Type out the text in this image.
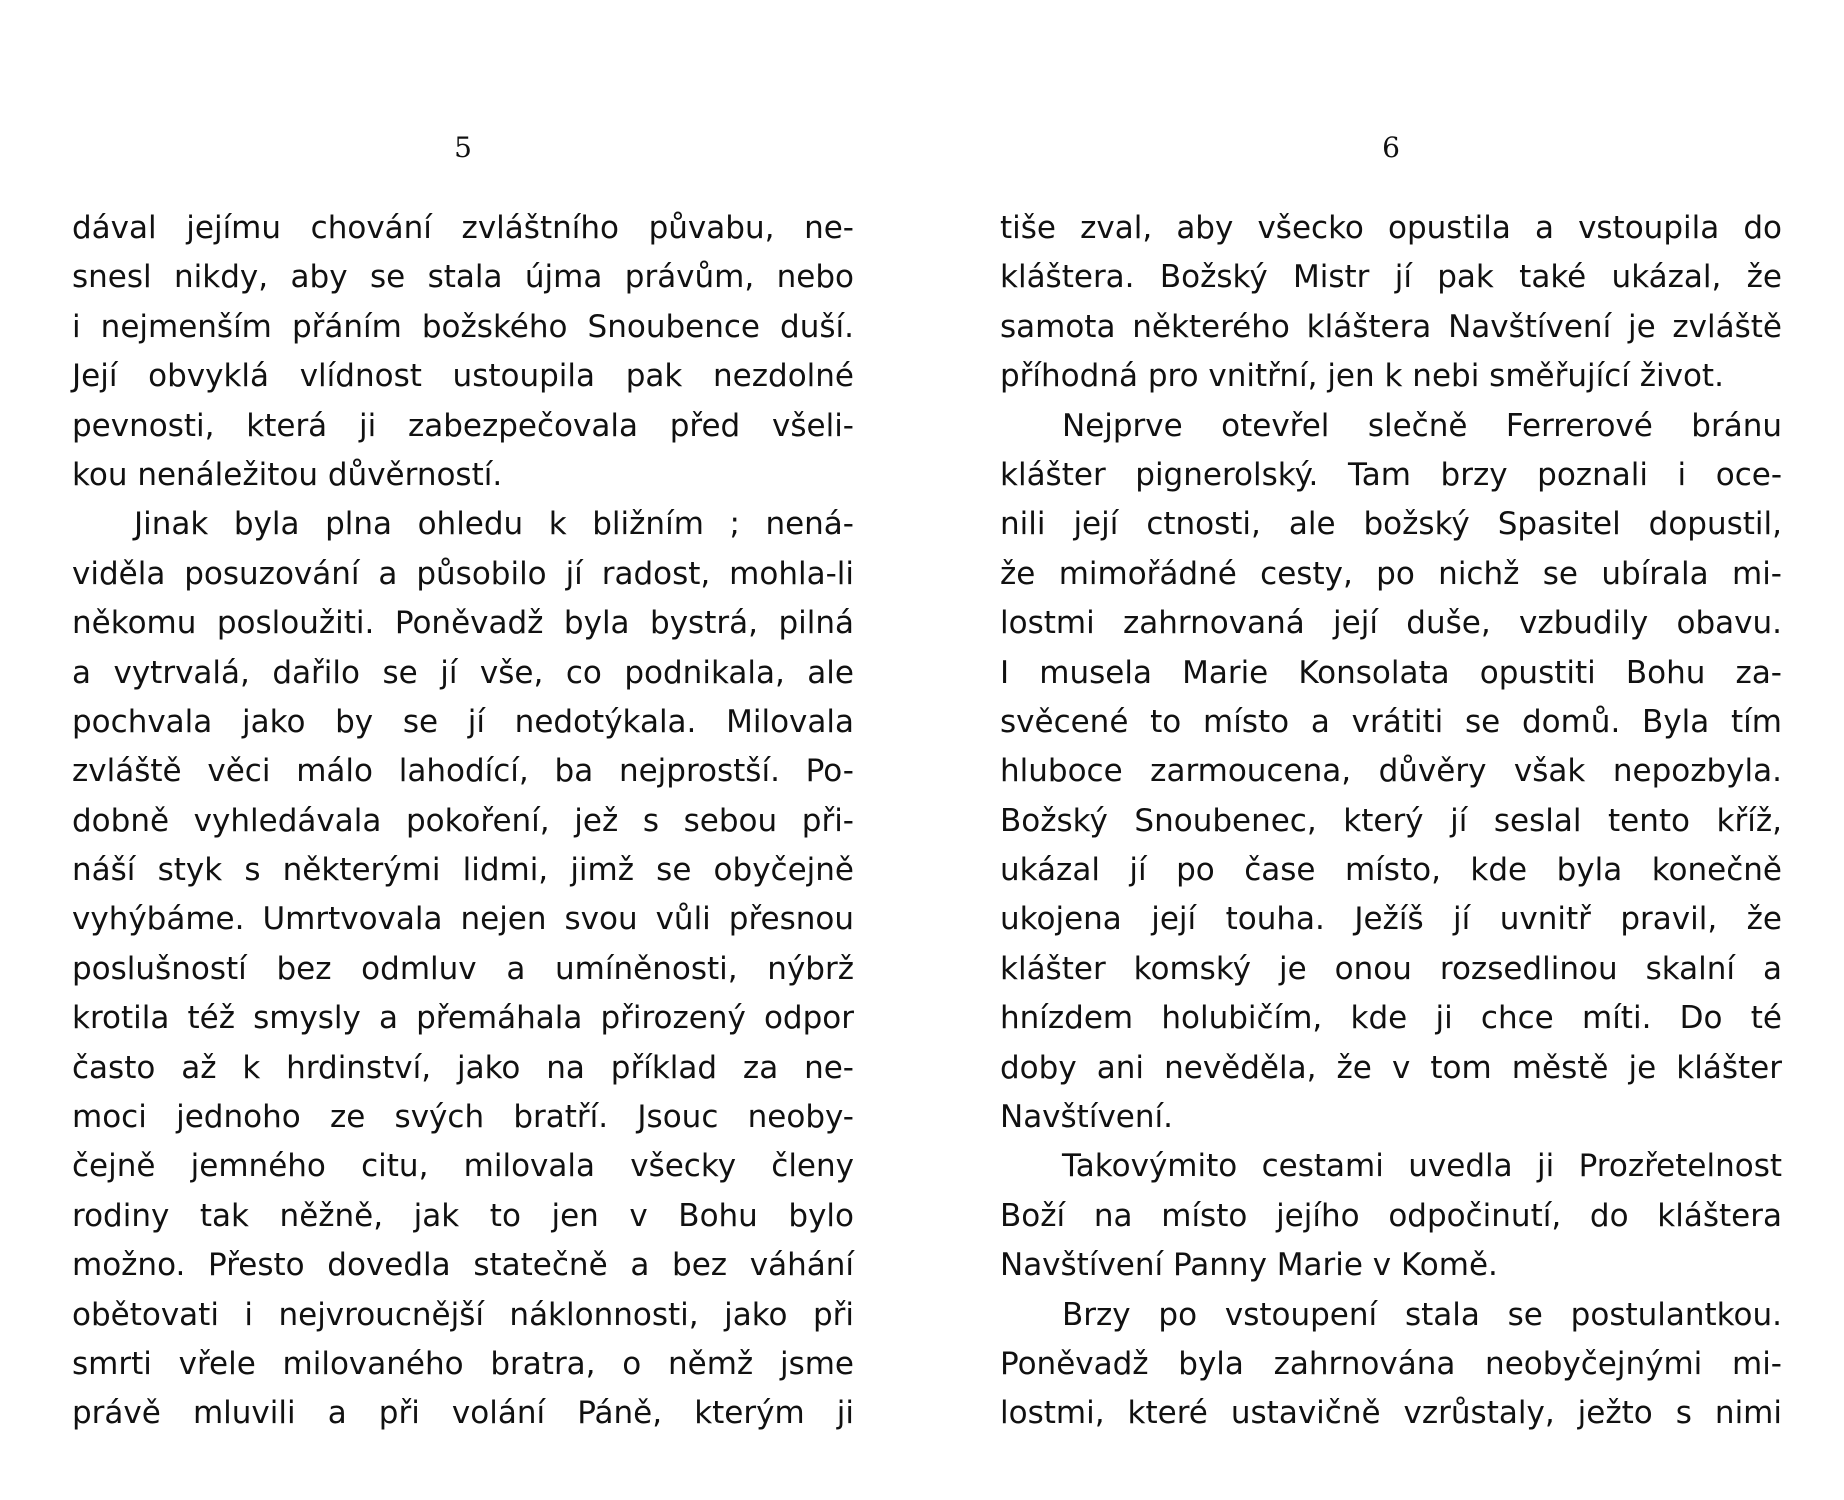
5
dával jejímu chování zvláštního půvabu, ne-
snesl nikdy, aby se stala újma právům, nebo
i nejmenším přáním božského Snoubence duší.
Její obvyklá vlídnost ustoupila pak nezdolné
pevnosti, která ji zabezpečovala před všeli-
kou nenáležitou důvěrností.
Jinak byla plna ohledu k bližním ; nená-
viděla posuzování a působilo jí radost, mohla-li
někomu posloužiti. Poněvadž byla bystrá, pilná
a vytrvalá, dařilo se jí vše, co podnikala, ale
pochvala jako by se jí nedotýkala. Milovala
zvláště věci málo lahodící, ba nejprostší. Po-
dobně vyhledávala pokoření, jež s sebou při-
náší styk s některými lidmi, jimž se obyčejně
vyhýbáme. Umrtvovala nejen svou vůli přesnou
poslušností bez odmluv a umíněnosti, nýbrž
krotila též smysly a přemáhala přirozený odpor
často až k hrdinství, jako na příklad za ne-
moci jednoho ze svých bratří. Jsouc neoby-
čejně jemného citu, milovala všecky členy
rodiny tak něžně, jak to jen v Bohu bylo
možno. Přesto dovedla statečně a bez váhání
obětovati i nejvroucnější náklonnosti, jako při
smrti vřele milovaného bratra, o němž jsme
právě mluvili a při volání Páně, kterým ji
6
tiše zval, aby všecko opustila a vstoupila do
kláštera. Božský Mistr jí pak také ukázal, že
samota některého kláštera Navštívení je zvláště
příhodná pro vnitřní, jen k nebi směřující život.
Nejprve otevřel slečně Ferrerové bránu
klášter pignerolský. Tam brzy poznali i oce-
nili její ctnosti, ale božský Spasitel dopustil,
že mimořádné cesty, po nichž se ubírala mi-
lostmi zahrnovaná její duše, vzbudily obavu.
I musela Marie Konsolata opustiti Bohu za-
svěcené to místo a vrátiti se domů. Byla tím
hluboce zarmoucena, důvěry však nepozbyla.
Božský Snoubenec, který jí seslal tento kříž,
ukázal jí po čase místo, kde byla konečně
ukojena její touha. Ježíš jí uvnitř pravil, že
klášter komský je onou rozsedlinou skalní a
hnízdem holubičím, kde ji chce míti. Do té
doby ani nevěděla, že v tom městě je klášter
Navštívení.
Takovýmito cestami uvedla ji Prozřetelnost
Boží na místo jejího odpočinutí, do kláštera
Navštívení Panny Marie v Komě.
Brzy po vstoupení stala se postulantkou.
Poněvadž byla zahrnována neobyčejnými mi-
lostmi, které ustavičně vzrůstaly, ježto s nimi
